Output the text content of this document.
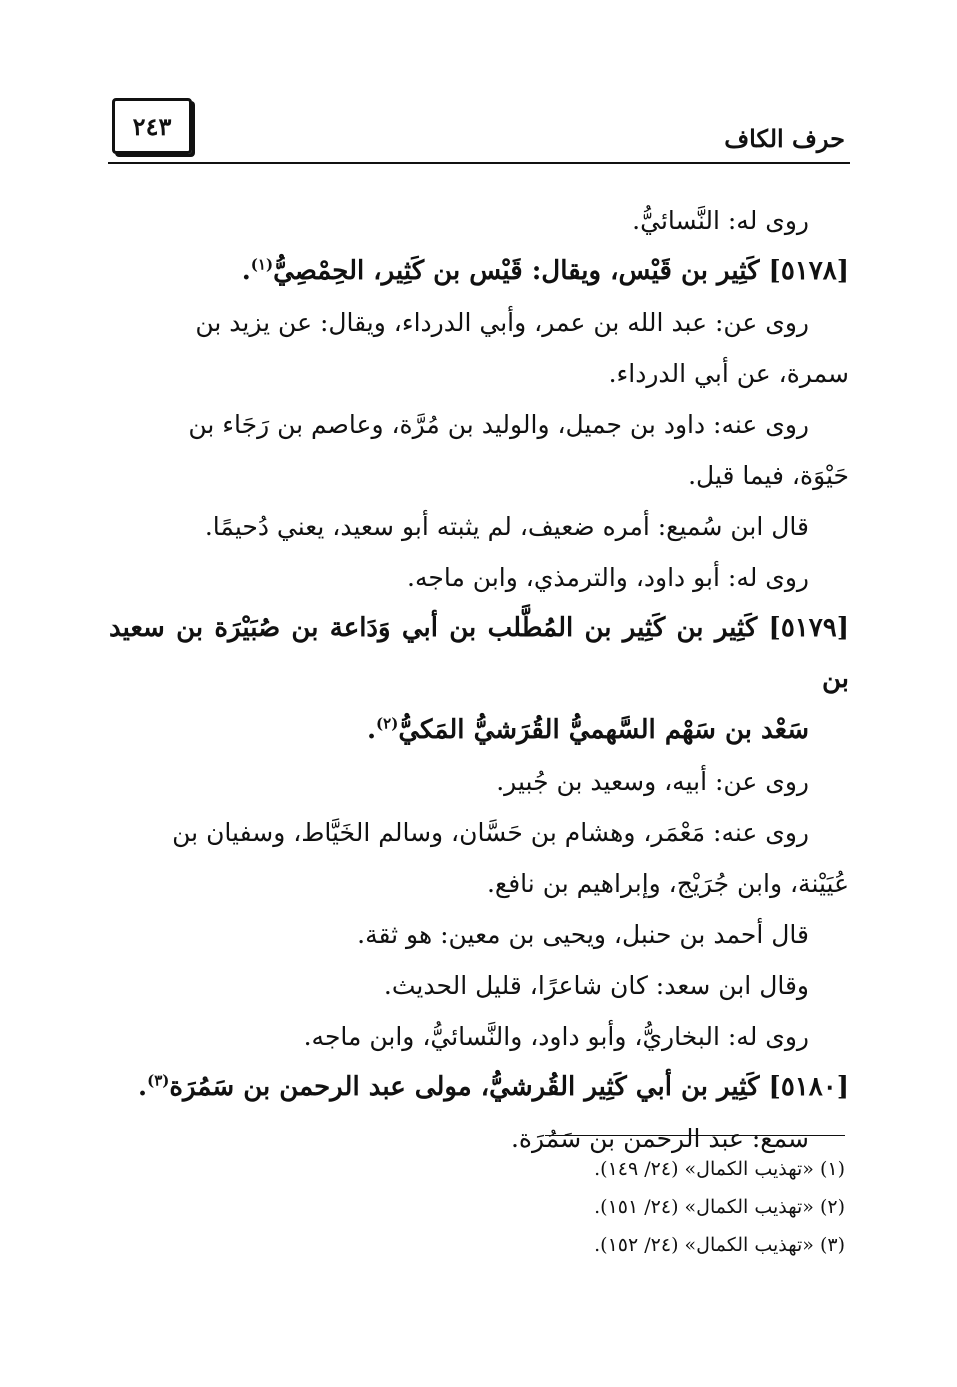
٢٤٣	حرف الكاف

روى له: النَّسائيُّ.

[٥١٧٨] كَثِير بن قَيْس، ويقال: قَيْس بن كَثِير، الحِمْصِيُّ$^{(١)}$.

روى عن: عبد الله بن عمر، وأبي الدرداء، ويقال: عن يزيد بن

سمرة، عن أبي الدرداء.

روى عنه: داود بن جميل، والوليد بن مُرَّة، وعاصم بن رَجَاء بن

حَيْوَة، فيما قيل.

قال ابن سُميع: أمره ضعيف، لم يثبته أبو سعيد، يعني دُحيمًا.

روى له: أبو داود، والترمذي، وابن ماجه.

[٥١٧٩] كَثِير بن كَثِير بن المُطَّلب بن أبي وَدَاعة بن صُبَيْرَة بن سعيد بن

سَعْد بن سَهْم السَّهميُّ القُرَشيُّ المَكيُّ$^{(٢)}$.

روى عن: أبيه، وسعيد بن جُبير.

روى عنه: مَعْمَر، وهشام بن حَسَّان، وسالم الخَيَّاط، وسفيان بن

عُيَيْنة، وابن جُرَيْج، وإبراهيم بن نافع.

قال أحمد بن حنبل، ويحيى بن معين: هو ثقة.

وقال ابن سعد: كان شاعرًا، قليل الحديث.

روى له: البخاريُّ، وأبو داود، والنَّسائيُّ، وابن ماجه.

[٥١٨٠] كَثِير بن أبي كَثِير القُرشيُّ، مولى عبد الرحمن بن سَمُرَة$^{(٣)}$.

سمع: عبد الرحمن بن سَمُرَة.

(١) «تهذيب الكمال» (٢٤/ ١٤٩).
(٢) «تهذيب الكمال» (٢٤/ ١٥١).
(٣) «تهذيب الكمال» (٢٤/ ١٥٢).
